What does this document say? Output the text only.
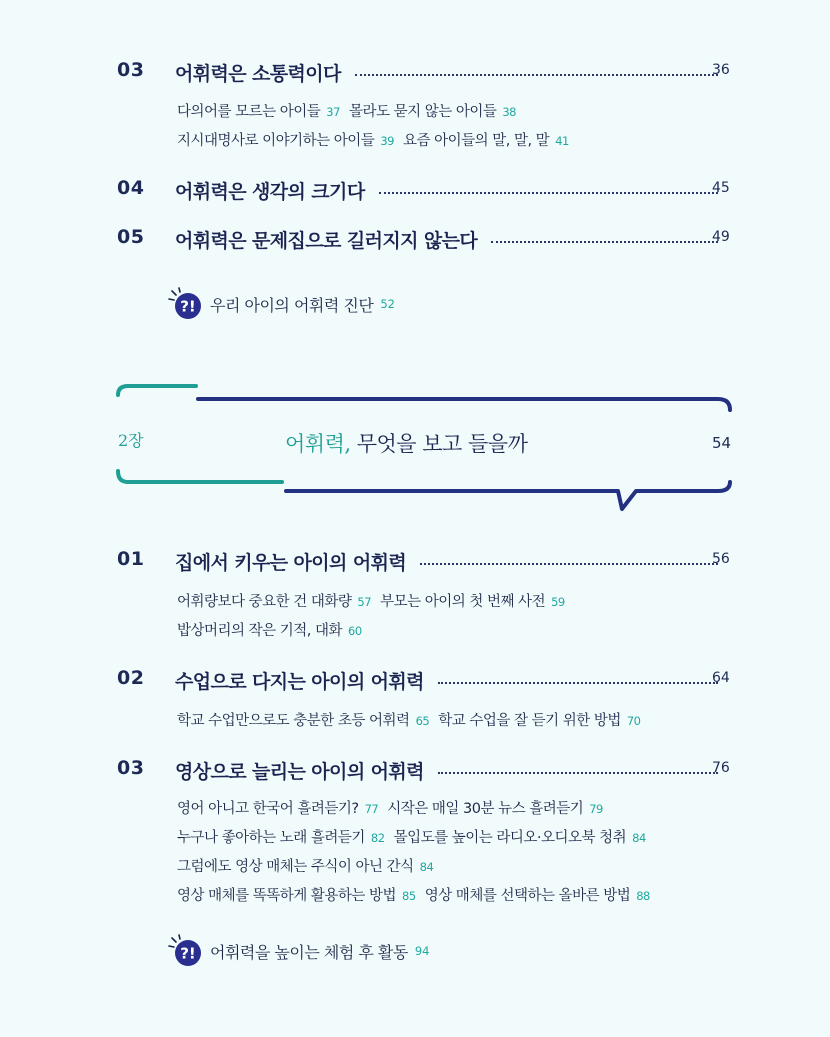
03 어휘력은 소통력이다	36
다의어를 모르는 아이들 37 몰라도 묻지 않는 아이들 38
지시대명사로 이야기하는 아이들 39 요즘 아이들의 말, 말, 말 41
04 어휘력은 생각의 크기다	45
05 어휘력은 문제집으로 길러지지 않는다	49
?! 우리 아이의 어휘력 진단 52
2장	어휘력, 무엇을 보고 들을까	54
01 집에서 키우는 아이의 어휘력	56
어휘량보다 중요한 건 대화량 57 부모는 아이의 첫 번째 사전 59
밥상머리의 작은 기적, 대화 60
02 수업으로 다지는 아이의 어휘력	64
학교 수업만으로도 충분한 초등 어휘력 65 학교 수업을 잘 듣기 위한 방법 70
03 영상으로 늘리는 아이의 어휘력	76
영어 아니고 한국어 흘려듣기? 77 시작은 매일 30분 뉴스 흘려듣기 79
누구나 좋아하는 노래 흘려듣기 82 몰입도를 높이는 라디오·오디오북 청취 84
그럼에도 영상 매체는 주식이 아닌 간식 84
영상 매체를 똑똑하게 활용하는 방법 85 영상 매체를 선택하는 올바른 방법 88
?! 어휘력을 높이는 체험 후 활동 94
